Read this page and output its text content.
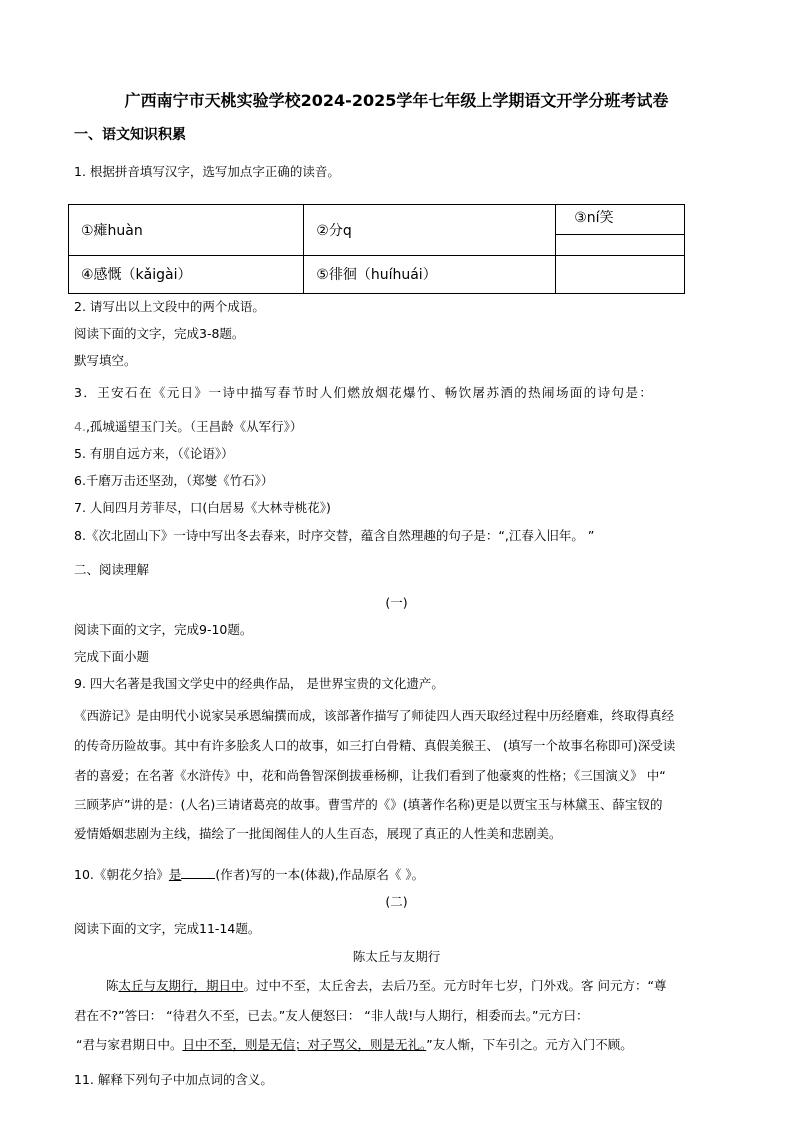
广西南宁市天桃实验学校2024-2025学年七年级上学期语文开学分班考试卷
一、语文知识积累
1. 根据拼音填写汉字，选写加点字正确的读音。
①瘫huàn	②分q	③ní笑

④感慨（kǎigài）	⑤徘徊（huíhuái）	
2. 请写出以上文段中的两个成语。
阅读下面的文字，完成3-8题。
默写填空。
3．王安石在《元日》一诗中描写春节时人们燃放烟花爆竹、畅饮屠苏酒的热闹场面的诗句是：
4.,孤城遥望玉门关。（王昌龄《从军行》）
5. 有朋自远方来，（《论语》）
6.千磨万击还坚劲，（郑燮《竹石》）
7. 人间四月芳菲尽，口(白居易《大林寺桃花》)
8.《次北固山下》一诗中写出冬去春来，时序交替，蕴含自然理趣的句子是：“,江春入旧年。 ”
二、阅读理解
(一)
阅读下面的文字，完成9-10题。
完成下面小题
9. 四大名著是我国文学史中的经典作品， 是世界宝贵的文化遗产。
《西游记》是由明代小说家吴承恩编撰而成，该部著作描写了师徒四人西天取经过程中历经磨难，终取得真经
的传奇历险故事。其中有许多脍炙人口的故事，如三打白骨精、真假美猴王、 (填写一个故事名称即可)深受读
者的喜爱；在名著《水浒传》中，花和尚鲁智深倒拔垂杨柳，让我们看到了他豪爽的性格；《三国演义》 中“
三顾茅庐”讲的是：(人名)三请诸葛亮的故事。曹雪芹的《》(填著作名称)更是以贾宝玉与林黛玉、薛宝钗的
爱情婚姻悲剧为主线，描绘了一批闺阁佳人的人生百态，展现了真正的人性美和悲剧美。
10.《朝花夕拾》是	(作者)写的一本(体裁),作品原名《 》。
(二)
阅读下面的文字，完成11-14题。
陈太丘与友期行
陈太丘与友期行，期日中。过中不至，太丘舍去，去后乃至。元方时年七岁，门外戏。客 问元方：“尊
君在不?”答曰： “待君久不至，已去。”友人便怒曰： “非人哉!与人期行，相委而去。”元方曰：
“君与家君期日中。日中不至，则是无信；对子骂父，则是无礼。”友人惭，下车引之。元方入门不顾。
11. 解释下列句子中加点词的含义。
